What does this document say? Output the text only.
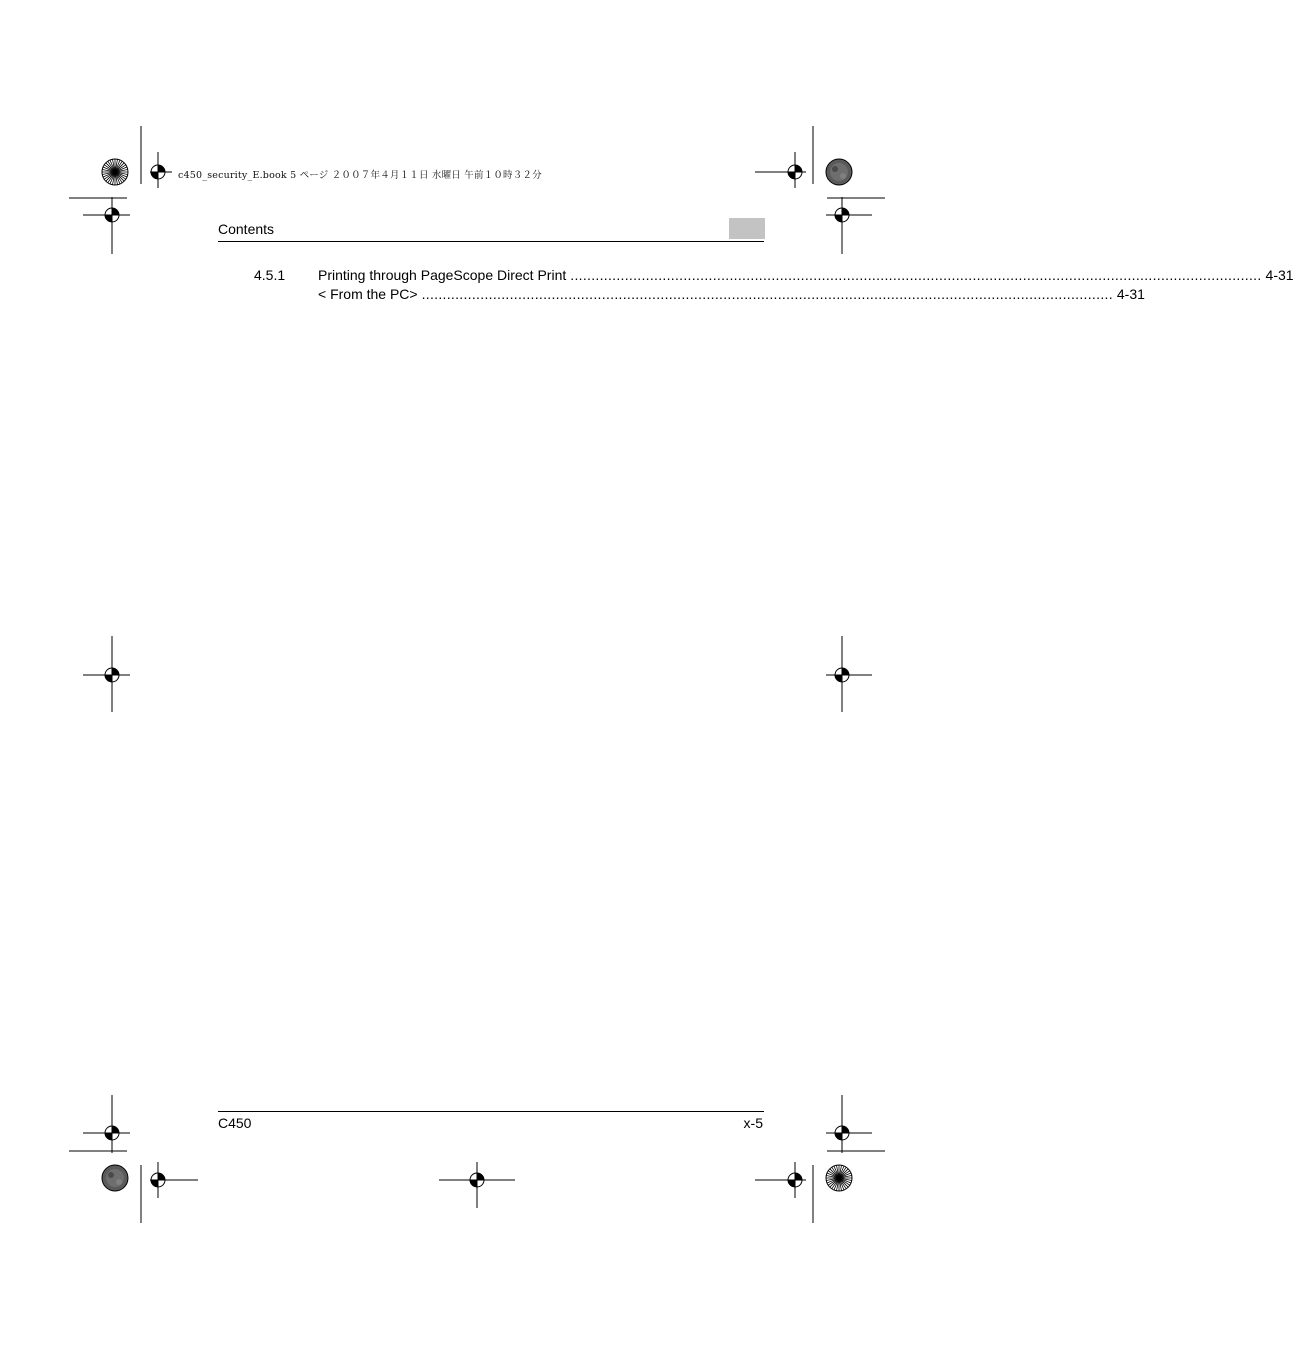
c450_security_E.book 5 ページ ２００７年４月１１日 水曜日 午前１０時３２分
Contents
4.5.1 Printing through PageScope Direct Print ..................................................................................................................................................................... 4-31
< From the PC> ..................................................................................................................................................................... 4-31
C450	x-5
